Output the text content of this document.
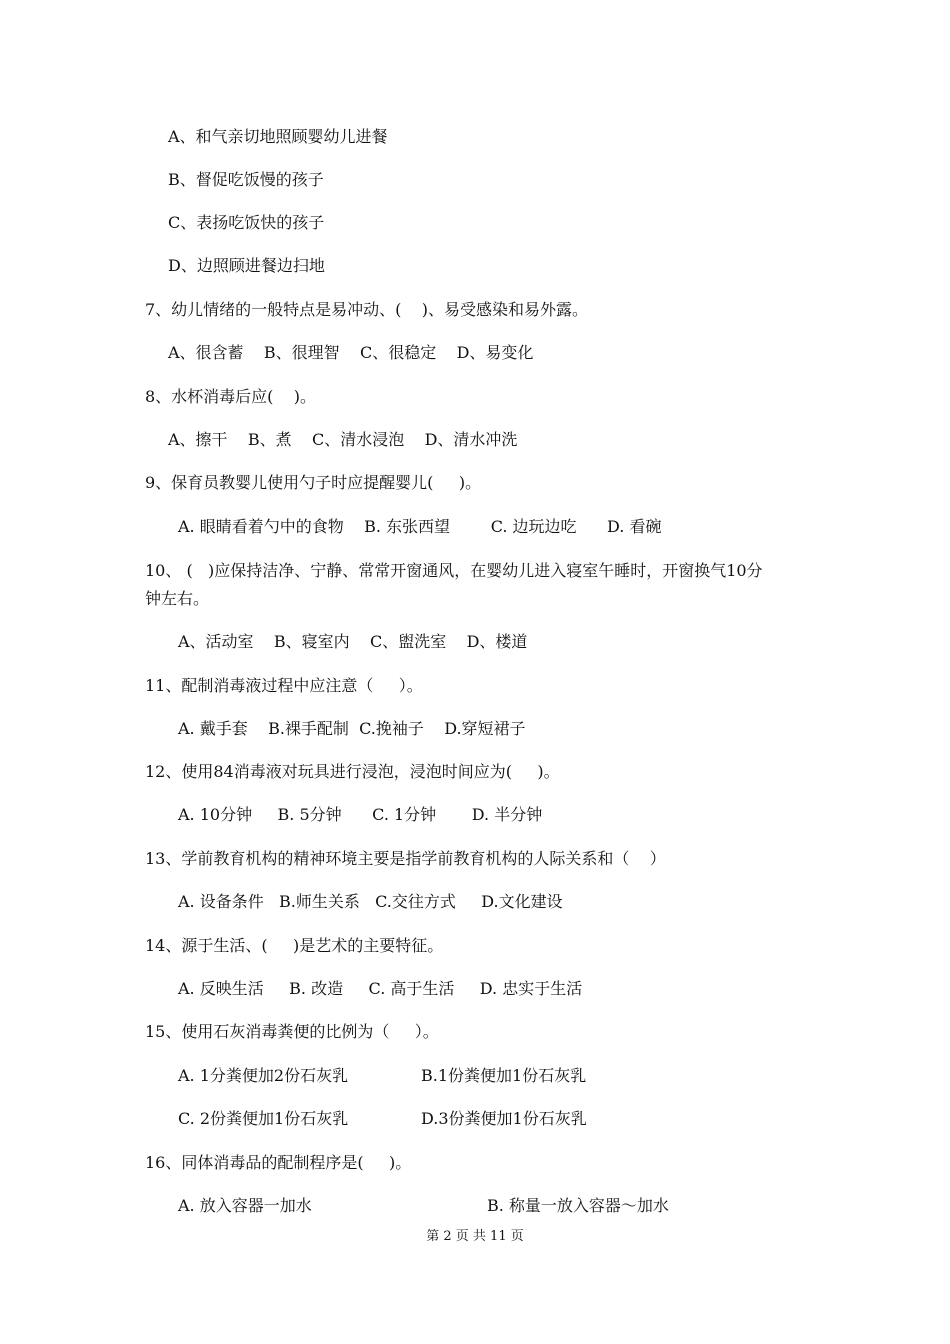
A、和气亲切地照顾婴幼儿进餐
B、督促吃饭慢的孩子
C、表扬吃饭快的孩子
D、边照顾进餐边扫地
7、幼儿情绪的一般特点是易冲动、(    )、易受感染和易外露。
A、很含蓄    B、很理智    C、很稳定    D、易变化
8、水杯消毒后应(    )。
A、擦干    B、煮    C、清水浸泡    D、清水冲洗
9、保育员教婴儿使用勺子时应提醒婴儿(     )。
A. 眼睛看着勺中的食物    B. 东张西望        C. 边玩边吃      D. 看碗
10、 (   )应保持洁净、宁静、常常开窗通风，在婴幼儿进入寝室午睡时，开窗换气10分
钟左右。
A、活动室    B、寝室内    C、盥洗室    D、楼道
11、配制消毒液过程中应注意（     ）。
A. 戴手套    B.裸手配制  C.挽袖子    D.穿短裙子
12、使用84消毒液对玩具进行浸泡，浸泡时间应为(     )。
A. 10分钟     B. 5分钟      C. 1分钟       D. 半分钟
13、学前教育机构的精神环境主要是指学前教育机构的人际关系和（    ）
A. 设备条件   B.师生关系   C.交往方式     D.文化建设
14、源于生活、(     )是艺术的主要特征。
A. 反映生活     B. 改造     C. 高于生活     D. 忠实于生活
15、使用石灰消毒粪便的比例为（     ）。
A. 1分粪便加2份石灰乳	B.1份粪便加1份石灰乳
C. 2份粪便加1份石灰乳	D.3份粪便加1份石灰乳
16、同体消毒品的配制程序是(     )。
A. 放入容器一加水	B. 称量一放入容器～加水
第 2 页 共 11 页
